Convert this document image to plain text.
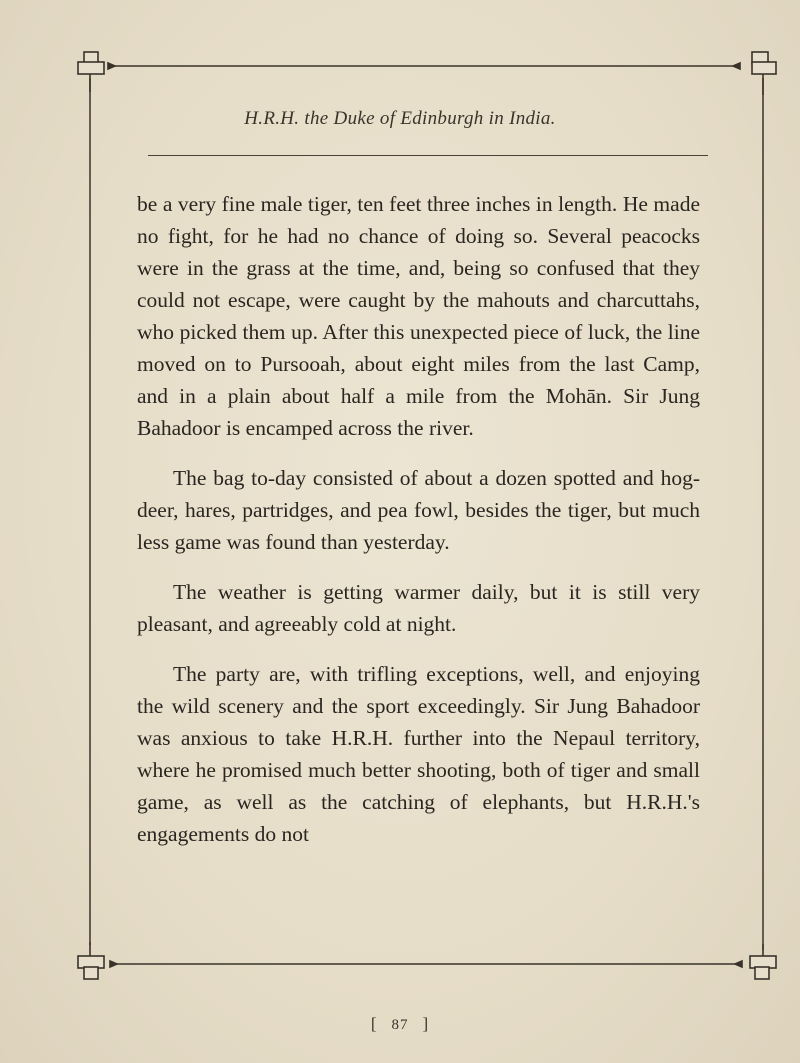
H.R.H. the Duke of Edinburgh in India.

be a very fine male tiger, ten feet three inches in length. He made no fight, for he had no chance of doing so. Several peacocks were in the grass at the time, and, being so confused that they could not escape, were caught by the mahouts and charcuttahs, who picked them up. After this unexpected piece of luck, the line moved on to Pursooah, about eight miles from the last Camp, and in a plain about half a mile from the Mohān. Sir Jung Bahadoor is encamped across the river.

The bag to-day consisted of about a dozen spotted and hog-deer, hares, partridges, and pea fowl, besides the tiger, but much less game was found than yesterday.

The weather is getting warmer daily, but it is still very pleasant, and agreeably cold at night.

The party are, with trifling exceptions, well, and enjoying the wild scenery and the sport exceedingly. Sir Jung Bahadoor was anxious to take H.R.H. further into the Nepaul territory, where he promised much better shooting, both of tiger and small game, as well as the catching of elephants, but H.R.H.'s engagements do not

[ 87 ]
